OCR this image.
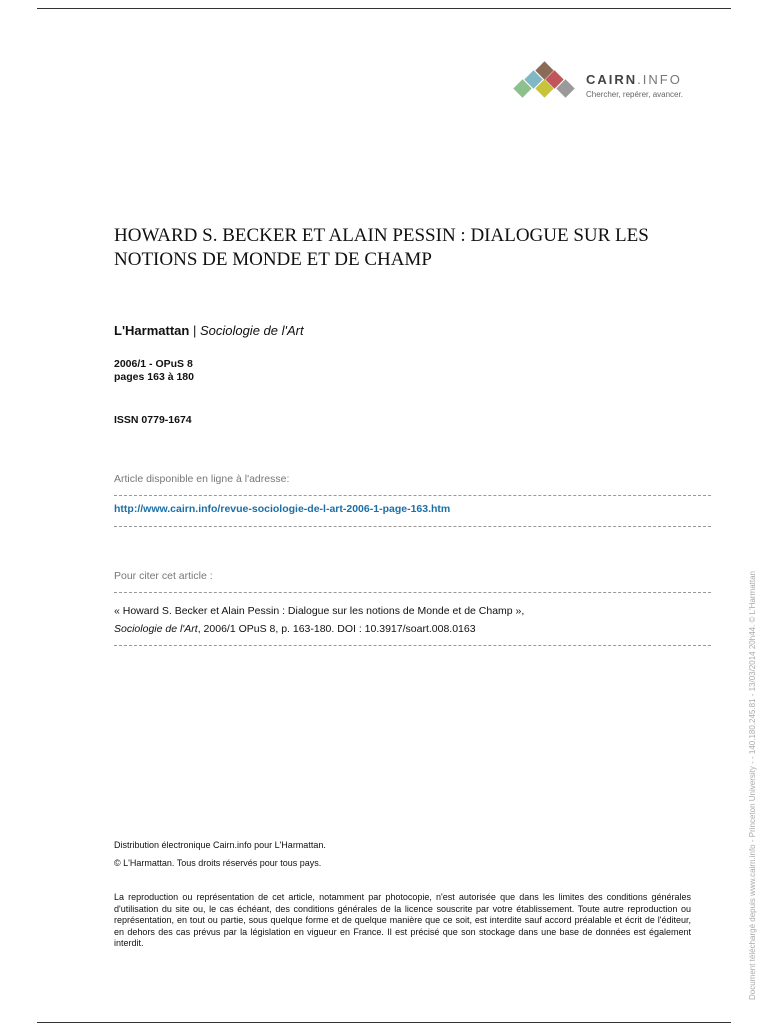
CAIRN.INFO
Chercher, repérer, avancer.
HOWARD S. BECKER ET ALAIN PESSIN : DIALOGUE SUR LES NOTIONS DE MONDE ET DE CHAMP
L'Harmattan | Sociologie de l'Art
2006/1 - OPuS 8
pages 163 à 180
ISSN 0779-1674
Article disponible en ligne à l'adresse:
http://www.cairn.info/revue-sociologie-de-l-art-2006-1-page-163.htm
Pour citer cet article :
« Howard S. Becker et Alain Pessin : Dialogue sur les notions de Monde et de Champ »,
Sociologie de l'Art, 2006/1 OPuS 8, p. 163-180. DOI : 10.3917/soart.008.0163
Distribution électronique Cairn.info pour L'Harmattan.
© L'Harmattan. Tous droits réservés pour tous pays.
La reproduction ou représentation de cet article, notamment par photocopie, n'est autorisée que dans les limites des conditions générales d'utilisation du site ou, le cas échéant, des conditions générales de la licence souscrite par votre établissement. Toute autre reproduction ou représentation, en tout ou partie, sous quelque forme et de quelque manière que ce soit, est interdite sauf accord préalable et écrit de l'éditeur, en dehors des cas prévus par la législation en vigueur en France. Il est précisé que son stockage dans une base de données est également interdit.	Document téléchargé depuis www.cairn.info - Princeton University - - 140.180.245.81 - 13/03/2014 20h44. © L'Harmattan
